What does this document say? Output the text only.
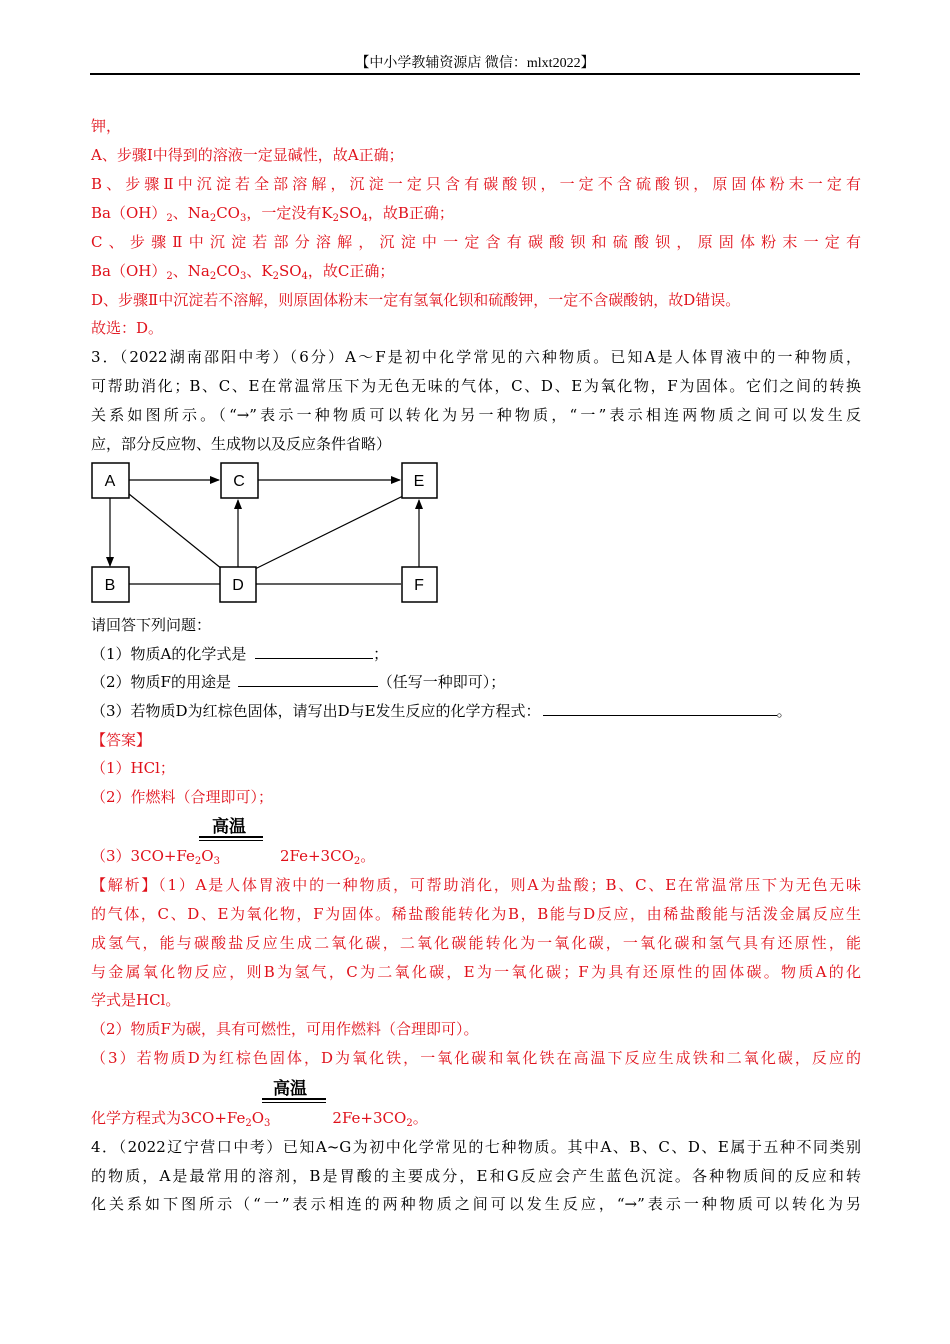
【中小学教辅资源店 微信：mlxt2022】
钾，
A、步骤Ⅰ中得到的溶液一定显碱性，故A正确；
B、步骤Ⅱ中沉淀若全部溶解，沉淀一定只含有碳酸钡，一定不含硫酸钡，原固体粉末一定有
$Ba(OH)_2$、$Na_2CO_3$，一定没有$K_2SO_4$，故B正确；
C、步骤Ⅱ中沉淀若部分溶解，沉淀中一定含有碳酸钡和硫酸钡，原固体粉末一定有
$Ba(OH)_2$、$Na_2CO_3$、$K_2SO_4$，故C正确；
D、步骤Ⅱ中沉淀若不溶解，则原固体粉末一定有氢氧化钡和硫酸钾，一定不含碳酸钠，故D错误。
故选：D。
3．（2022湖南邵阳中考）（6分）A～F是初中化学常见的六种物质。已知A是人体胃液中的一种物质，
可帮助消化；B、C、E在常温常压下为无色无味的气体，C、D、E为氧化物，F为固体。它们之间的转换
关系如图所示。（“→”表示一种物质可以转化为另一种物质，“一”表示相连两物质之间可以发生反
应，部分反应物、生成物以及反应条件省略）
A	C	E
B	D	F
请回答下列问题：
（1）物质A的化学式是	；
（2）物质F的用途是	（任写一种即可）；
（3）若物质D为红棕色固体，请写出D与E发生反应的化学方程式：	。
【答案】
（1）HCl；
（2）作燃料（合理即可）；
高温
$(3)3CO+Fe_2O_3$	$2Fe+3CO_2$。
【解析】（1）A是人体胃液中的一种物质，可帮助消化，则A为盐酸；B、C、E在常温常压下为无色无味
的气体，C、D、E为氧化物，F为固体。稀盐酸能转化为B，B能与D反应，由稀盐酸能与活泼金属反应生
成氢气，能与碳酸盐反应生成二氧化碳，二氧化碳能转化为一氧化碳，一氧化碳和氢气具有还原性，能
与金属氧化物反应，则B为氢气，C为二氧化碳，E为一氧化碳；F为具有还原性的固体碳。物质A的化
学式是HCl。
（2）物质F为碳，具有可燃性，可用作燃料（合理即可）。
（3）若物质D为红棕色固体，D为氧化铁，一氧化碳和氧化铁在高温下反应生成铁和二氧化碳，反应的
高温
化学方程式为$3CO+Fe_2O_3$	$2Fe+3CO_2$。
4．（2022辽宁营口中考）已知A~G为初中化学常见的七种物质。其中A、B、C、D、E属于五种不同类别
的物质，A是最常用的溶剂，B是胃酸的主要成分，E和G反应会产生蓝色沉淀。各种物质间的反应和转
化关系如下图所示（“一”表示相连的两种物质之间可以发生反应，“→”表示一种物质可以转化为另
